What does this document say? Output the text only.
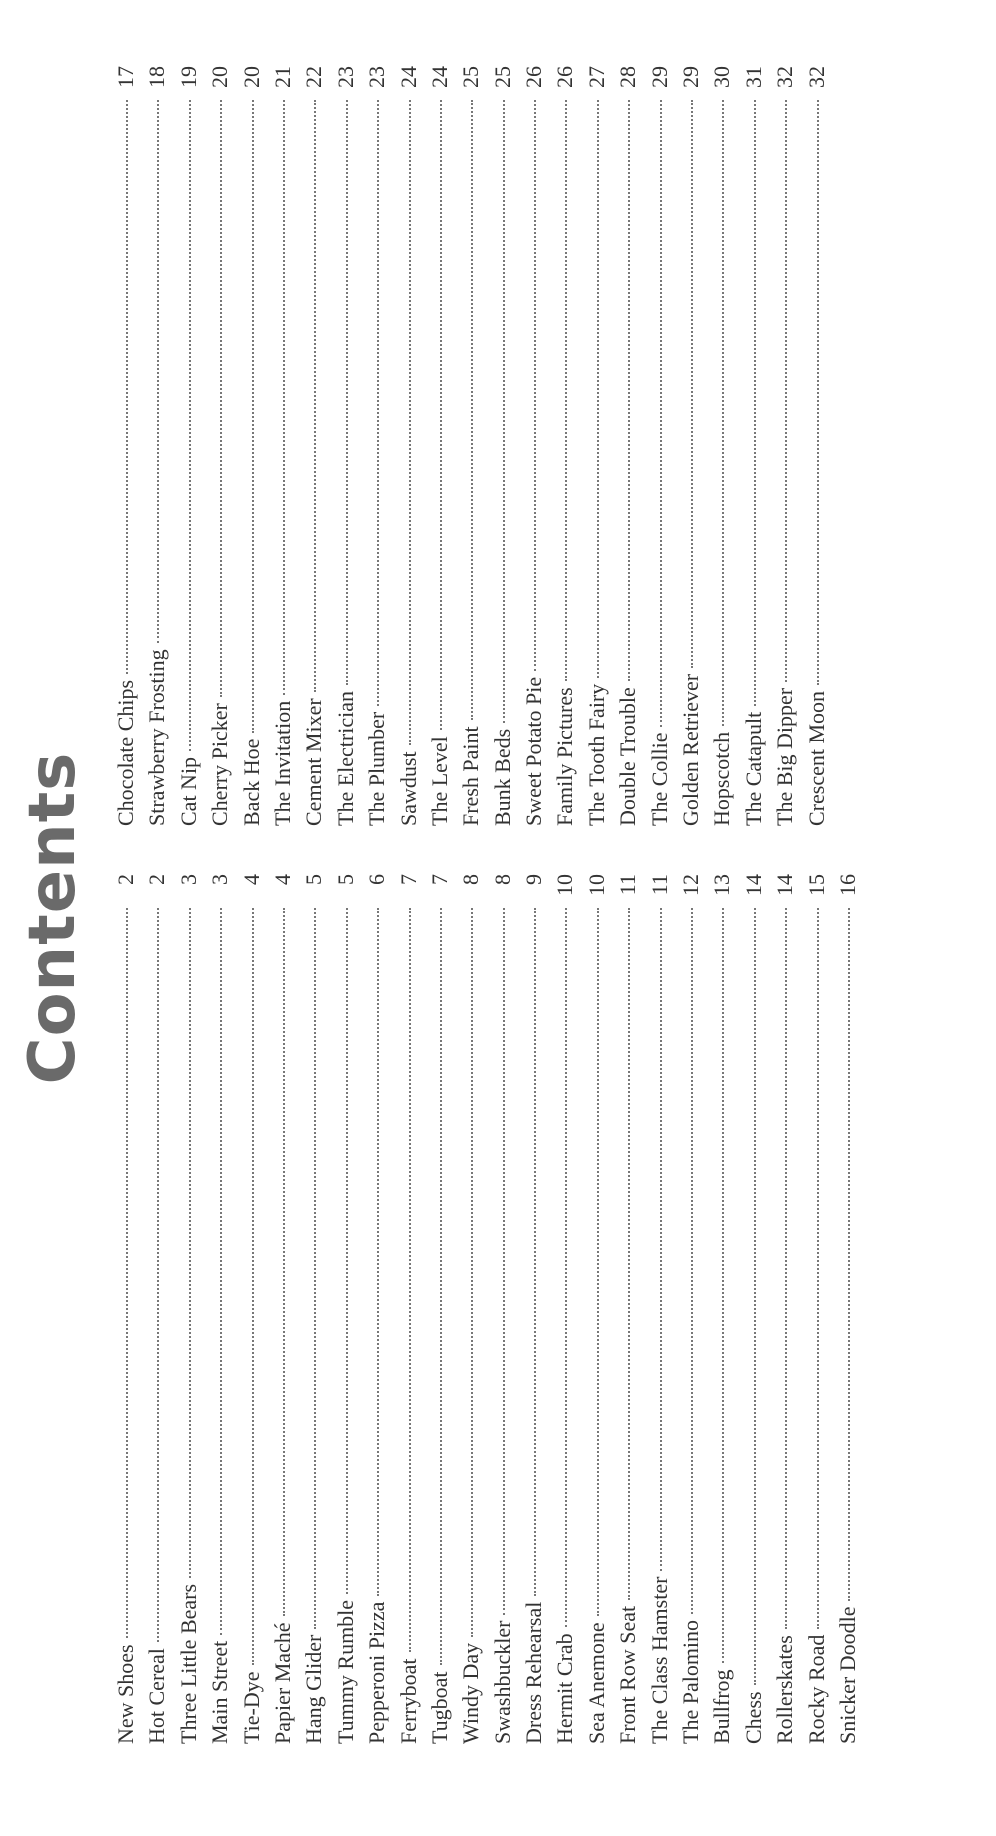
Contents
New Shoes
2
Hot Cereal
2
Three Little Bears
3
Main Street
3
Tie-Dye
4
Papier Maché
4
Hang Glider
5
Tummy Rumble
5
Pepperoni Pizza
6
Ferryboat
7
Tugboat
7
Windy Day
8
Swashbuckler
8
Dress Rehearsal
9
Hermit Crab
10
Sea Anemone
10
Front Row Seat
11
The Class Hamster
11
The Palomino
12
Bullfrog
13
Chess
14
Rollerskates
14
Rocky Road
15
Snicker Doodle
16
Chocolate Chips
17
Strawberry Frosting
18
Cat Nip
19
Cherry Picker
20
Back Hoe
20
The Invitation
21
Cement Mixer
22
The Electrician
23
The Plumber
23
Sawdust
24
The Level
24
Fresh Paint
25
Bunk Beds
25
Sweet Potato Pie
26
Family Pictures
26
The Tooth Fairy
27
Double Trouble
28
The Collie
29
Golden Retriever
29
Hopscotch
30
The Catapult
31
The Big Dipper
32
Crescent Moon
32
